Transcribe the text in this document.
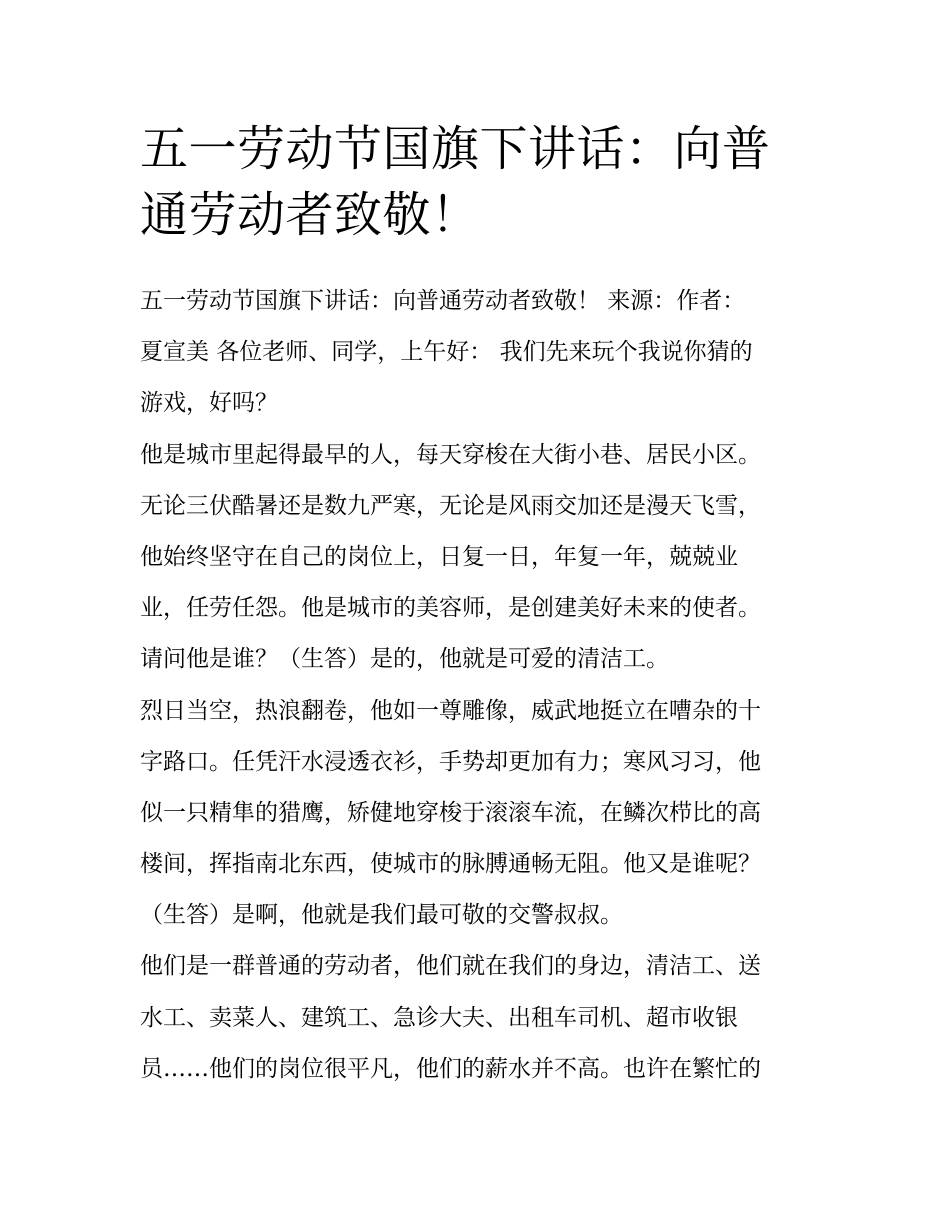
五一劳动节国旗下讲话：向普
通劳动者致敬！

五一劳动节国旗下讲话：向普通劳动者致敬！ 来源：作者：
夏宣美 各位老师、同学，上午好： 我们先来玩个我说你猜的
游戏，好吗？

他是城市里起得最早的人，每天穿梭在大街小巷、居民小区。
无论三伏酷暑还是数九严寒，无论是风雨交加还是漫天飞雪，
他始终坚守在自己的岗位上，日复一日，年复一年，兢兢业
业，任劳任怨。他是城市的美容师，是创建美好未来的使者。
请问他是谁？（生答）是的，他就是可爱的清洁工。

烈日当空，热浪翻卷，他如一尊雕像，威武地挺立在嘈杂的十
字路口。任凭汗水浸透衣衫，手势却更加有力；寒风习习，他
似一只精隼的猎鹰，矫健地穿梭于滚滚车流，在鳞次栉比的高
楼间，挥指南北东西，使城市的脉膊通畅无阻。他又是谁呢？
（生答）是啊，他就是我们最可敬的交警叔叔。

他们是一群普通的劳动者，他们就在我们的身边，清洁工、送
水工、卖菜人、建筑工、急诊大夫、出租车司机、超市收银
员……他们的岗位很平凡，他们的薪水并不高。也许在繁忙的
